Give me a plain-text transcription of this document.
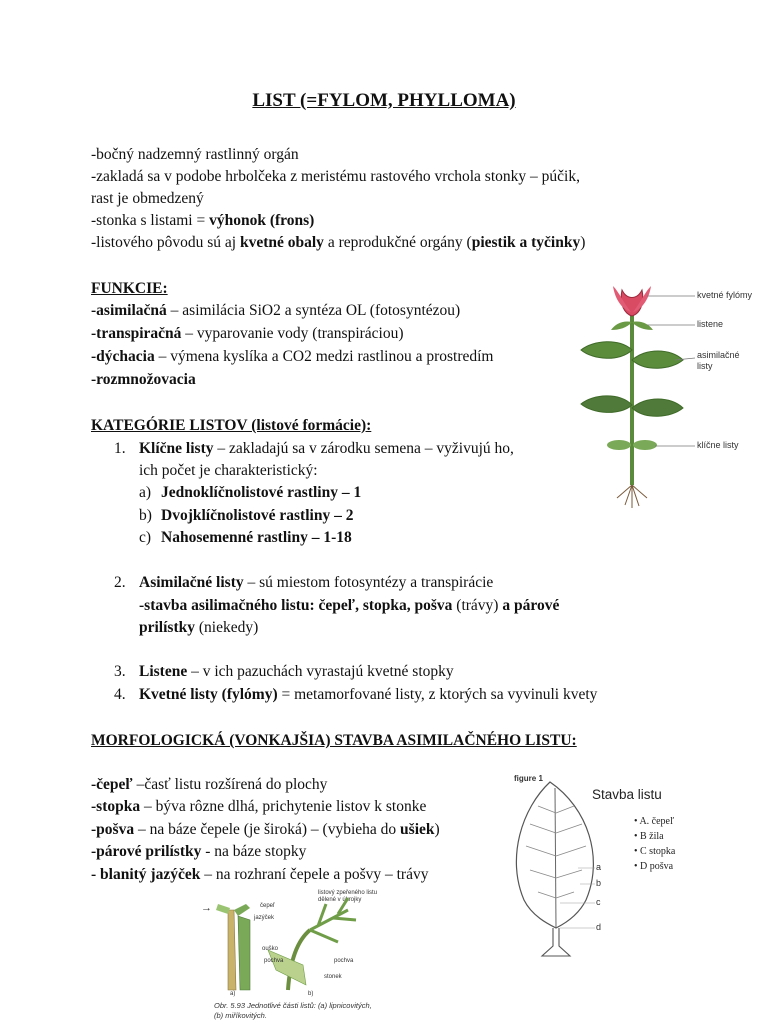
LIST (=FYLOM, PHYLLOMA)
-bočný nadzemný rastlinný orgán
-zakladá sa v podobe hrbolčeka z meristému rastového vrchola stonky – púčik,
rast je obmedzený
-stonka s listami = výhonok (frons)
-listového pôvodu sú aj kvetné obaly a reprodukčné orgány (piestik a tyčinky)
FUNKCIE:
-asimilačná – asimilácia SiO2 a syntéza OL (fotosyntézou)
-transpiračná – vyparovanie vody (transpiráciou)
-dýchacia – výmena kyslíka a CO2 medzi rastlinou a prostredím
-rozmnožovacia
KATEGÓRIE LISTOV (listové formácie):
1. Klíčne listy – zakladajú sa v zárodku semena – vyživujú ho,
ich počet je charakteristický:
a) Jednoklíčnolistové rastliny – 1
b) Dvojklíčnolistové rastliny – 2
c) Nahosemenné rastliny – 1-18
2. Asimilačné listy – sú miestom fotosyntézy a transpirácie
-stavba asilimačného listu: čepeľ, stopka, pošva (trávy) a párové
prilístky (niekedy)
3. Listene – v ich pazuchách vyrastajú kvetné stopky
4. Kvetné listy (fylómy) = metamorfované listy, z ktorých sa vyvinuli kvety
MORFOLOGICKÁ (VONKAJŠIA) STAVBA ASIMILAČNÉHO LISTU:
-čepeľ –časť listu rozšírená do plochy
-stopka – býva rôzne dlhá, prichytenie listov k stonke
-pošva – na báze čepele (je široká) – (vybieha do ušiek)
-párové prilístky - na báze stopky
- blanitý jazýček – na rozhraní čepele a pošvy – trávy
kvetné fylómy
listene
asimilačné
listy
klíčne listy
figure 1
a
b
c
d
Stavba listu
• A. čepeľ
• B žila
• C stopka
• D pošva
→
listový zpeřeného listu
dělené v úkrojky
čepeľ
jazýček
ouško
pochva	pochva
stonek
a)	b)
Obr. 5.93 Jednotlivé části listů: (a) lipnicovitých,
(b) miříkovitých.
